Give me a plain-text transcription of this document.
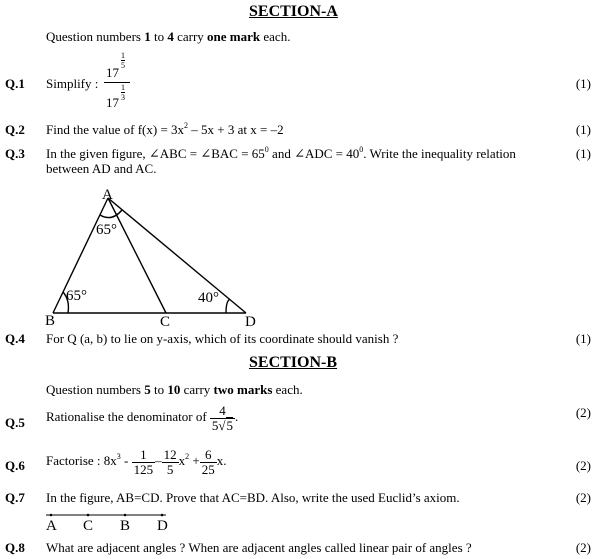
SECTION-A
Question numbers 1 to 4 carry one mark each.
Q.1 Simplify : 17
1
5
17
1
3	(1)
Q.2 Find the value of $f(x) = 3x^2 - 5x + 3$ at x = –2	(1)
Q.3 In the given figure, ∠ABC = ∠BAC = $65^0$ and ∠ADC = $40^0$. Write the inequality relation
between AD and AC.
(1)
A
B	C	D
65°
65°	40°
Q.4 For Q (a, b) to lie on y-axis, which of its coordinate should vanish ?	(1)
SECTION-B
Question numbers 5 to 10 carry two marks each.
Q.5 Rationalise the denominator of $\frac{4}{5√5}$ .	(2)
Q.6 Factorise : $8x^3 - \frac{1}{125} - \frac{12}{5} x^2 + \frac{6}{25} x$.	(2)
Q.7 In the figure, AB=CD. Prove that AC=BD. Also, write the used Euclid’s axiom.	(2)
A C B D
Q.8 What are adjacent angles ? When are adjacent angles called linear pair of angles ?	(2)
